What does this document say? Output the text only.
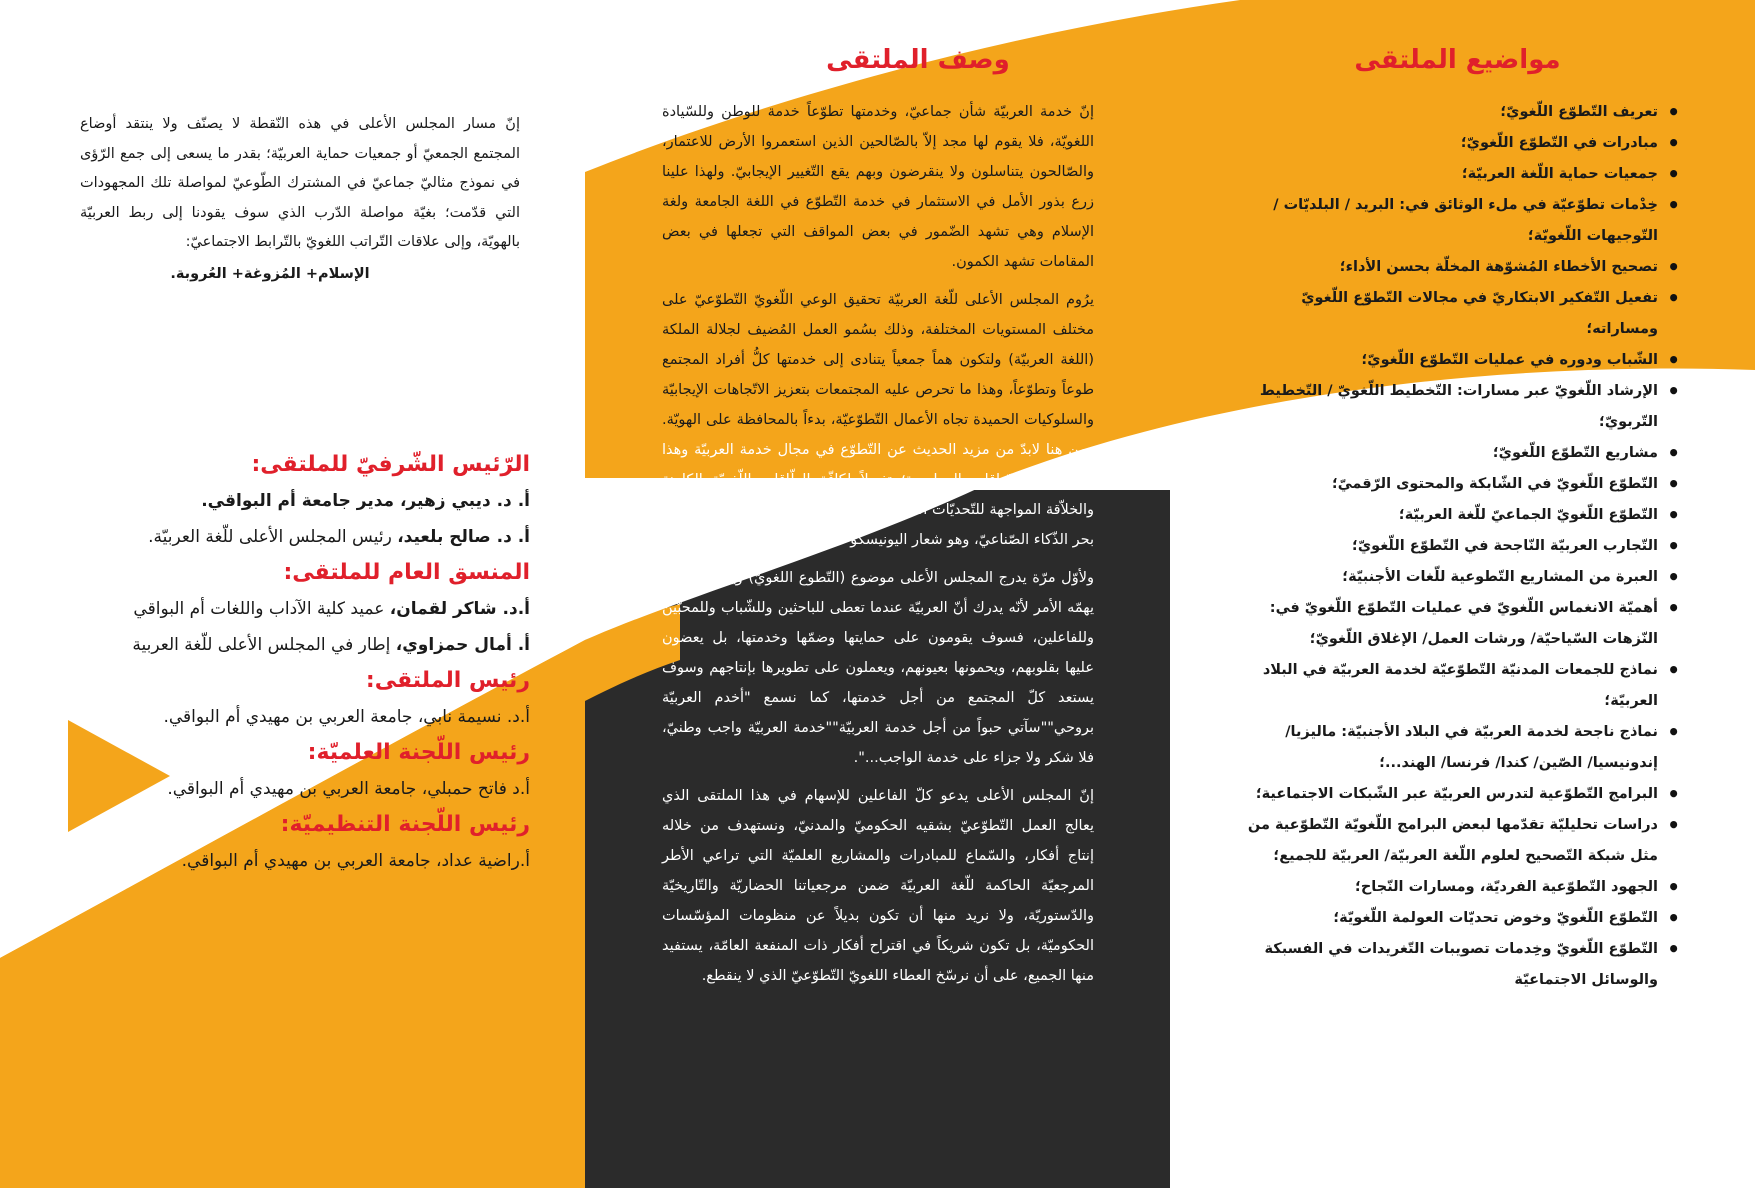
مواضيع الملتقى
• تعريف التّطوّع اللّغويّ؛
• مبادرات في التّطوّع اللّغويّ؛
• جمعيات حماية اللّغة العربيّة؛
• خِدْمات تطوّعيّة في ملء الوثائق في: البريد / البلديّات / التّوجيهات اللّغويّة؛
• تصحيح الأخطاء المُشوّهة المخلّة بحسن الأداء؛
• تفعيل التّفكير الابتكاريّ في مجالات التّطوّع اللّغويّ ومساراته؛
• الشّباب ودوره في عمليات التّطوّع اللّغويّ؛
• الإرشاد اللّغويّ عبر مسارات: التّخطيط اللّغويّ / التّخطيط التّربويّ؛
• مشاريع التّطوّع اللّغويّ؛
• التّطوّع اللّغويّ في الشّابكة والمحتوى الرّقميّ؛
• التّطوّع اللّغويّ الجماعيّ للّغة العربيّة؛
• التّجارب العربيّة النّاجحة في التّطوّع اللّغويّ؛
• العبرة من المشاريع التّطوعية للّغات الأجنبيّة؛
• أهميّة الانغماس اللّغويّ في عمليات التّطوّع اللّغويّ في: النّزهات السّياحيّة/ ورشات العمل/ الإغلاق اللّغويّ؛
• نماذج للجمعات المدنيّة التّطوّعيّة لخدمة العربيّة في البلاد العربيّة؛
• نماذج ناجحة لخدمة العربيّة في البلاد الأجنبيّة: ماليزيا/ إندونيسيا/ الصّين/ كندا/ فرنسا/ الهند...؛
• البرامج التّطوّعية لتدرس العربيّة عبر الشّبكات الاجتماعية؛
• دراسات تحليليّة تقدّمها لبعض البرامج اللّغويّة التّطوّعية من مثل شبكة التّصحيح لعلوم اللّغة العربيّة/ العربيّة للجميع؛
• الجهود التّطوّعية الفرديّة، ومسارات النّجاح؛
• التّطوّع اللّغويّ وخوض تحديّات العولمة اللّغويّة؛
• التّطوّع اللّغويّ وخِدمات تصويبات التّغريدات في الفسبكة والوسائل الاجتماعيّة
وصف الملتقى

إنّ خدمة العربيّة شأن جماعيّ، وخدمتها تطوّعاً خدمة للوطن وللسّيادة اللغويّة، فلا يقوم لها مجد إلاّ بالصّالحين الذين استعمروا الأرض للاعتمار، والصّالحون يتناسلون ولا ينقرضون وبهم يقع التّغيير الإيجابيّ. ولهذا علينا زرع بذور الأمل في الاستثمار في خدمة التّطوّع في اللغة الجامعة ولغة الإسلام وهي تشهد الضّمور في بعض المواقف التي تجعلها في بعض المقامات تشهد الكمون.

يرُوم المجلس الأعلى للّغة العربيّة تحقيق الوعي اللّغويّ التّطوّعيّ على مختلف المستويات المختلفة، وذلك بسُمو العمل المُضيف لجلالة الملكة (اللغة العربيّة) ولتكون هماً جمعياً يتنادى إلى خدمتها كلُّ أفراد المجتمع طوعاً وتطوّعاً، وهذا ما تحرص عليه المجتمعات بتعزيز الاتّجاهات الإيجابيّة والسلوكيات الحميدة تجاه الأعمال التّطوّعيّة، بدءاً بالمحافظة على الهويّة. ومن هنا لابدّ من مزيد الحديث عن التّطوّع في مجال خدمة العربيّة وهذا ما تتطلّبه السّياقات المعاصرة؛ تفعيلاً لكافّة الطّاقات اللّغويّة الكامنة والخلاّقة المواجهة للتّحديّات القائمة؛ وبخاصّة في مجال اندماج العربيّة في بحر الذّكاء الصّناعيّ، وهو شعار اليونيسكو للعام2020م.

ولأوّل مرّة يدرج المجلس الأعلى موضوع (التّطوع اللغويّ) وينزل به لمن يهمّه الأمر لأنّه يدرك أنّ العربيّة عندما تعطى للباحثين وللشّباب وللمحبّين وللفاعلين، فسوف يقومون على حمايتها وضمّها وخدمتها، بل يعضون عليها بقلوبهم، ويحمونها بعيونهم، ويعملون على تطويرها بإنتاجهم وسوف يستعد كلّ المجتمع من أجل خدمتها، كما نسمع "أخدم العربيّة بروحي""سآتي حبواً من أجل خدمة العربيّة""خدمة العربيّة واجب وطنيّ، فلا شكر ولا جزاء على خدمة الواجب...".

إنّ المجلس الأعلى يدعو كلّ الفاعلين للإسهام في هذا الملتقى الذي يعالج العمل التّطوّعيّ بشقيه الحكوميّ والمدنيّ، ونستهدف من خلاله إنتاج أفكار، والسّماع للمبادرات والمشاريع العلميّة التي تراعي الأطر المرجعيّة الحاكمة للّغة العربيّة ضمن مرجعياتنا الحضاريّة والتّاريخيّة والدّستوريّة، ولا نريد منها أن تكون بديلاً عن منظومات المؤسّسات الحكوميّة، بل تكون شريكاً في اقتراح أفكار ذات المنفعة العامّة، يستفيد منها الجميع، على أن نرسّخ العطاء اللغويّ التّطوّعيّ الذي لا ينقطع.

إنّ مسار المجلس الأعلى في هذه النّقطة لا يصنّف ولا ينتقد أوضاع المجتمع الجمعيّ أو جمعيات حماية العربيّة؛ بقدر ما يسعى إلى جمع الرّؤى في نموذج مثاليّ جماعيّ في المشترك الطّوعيّ لمواصلة تلك المجهودات التي قدّمت؛ بغيّة مواصلة الدّرب الذي سوف يقودنا إلى ربط العربيّة بالهويّة، وإلى علاقات التّراتب اللغويّ بالتّرابط الاجتماعيّ:

الإسلام+ المُزوغة+ العُروبة.

الرّئيس الشّرفيّ للملتقى:

أ. د. ديبي زهير، مدير جامعة أم البواقي.

أ. د. صالح بلعيد، رئيس المجلس الأعلى للّغة العربيّة.

المنسق العام للملتقى:

أ.د. شاكر لقمان، عميد كلية الآداب واللغات أم البواقي

أ. أمال حمزاوي، إطار في المجلس الأعلى للّغة العربية

رئيس الملتقى:

أ.د. نسيمة نابي، جامعة العربي بن مهيدي أم البواقي.

رئيس اللّجنة العلميّة:

أ.د فاتح حمبلي، جامعة العربي بن مهيدي أم البواقي.

رئيس اللّجنة التنظيميّة:

أ.راضية عداد، جامعة العربي بن مهيدي أم البواقي.
